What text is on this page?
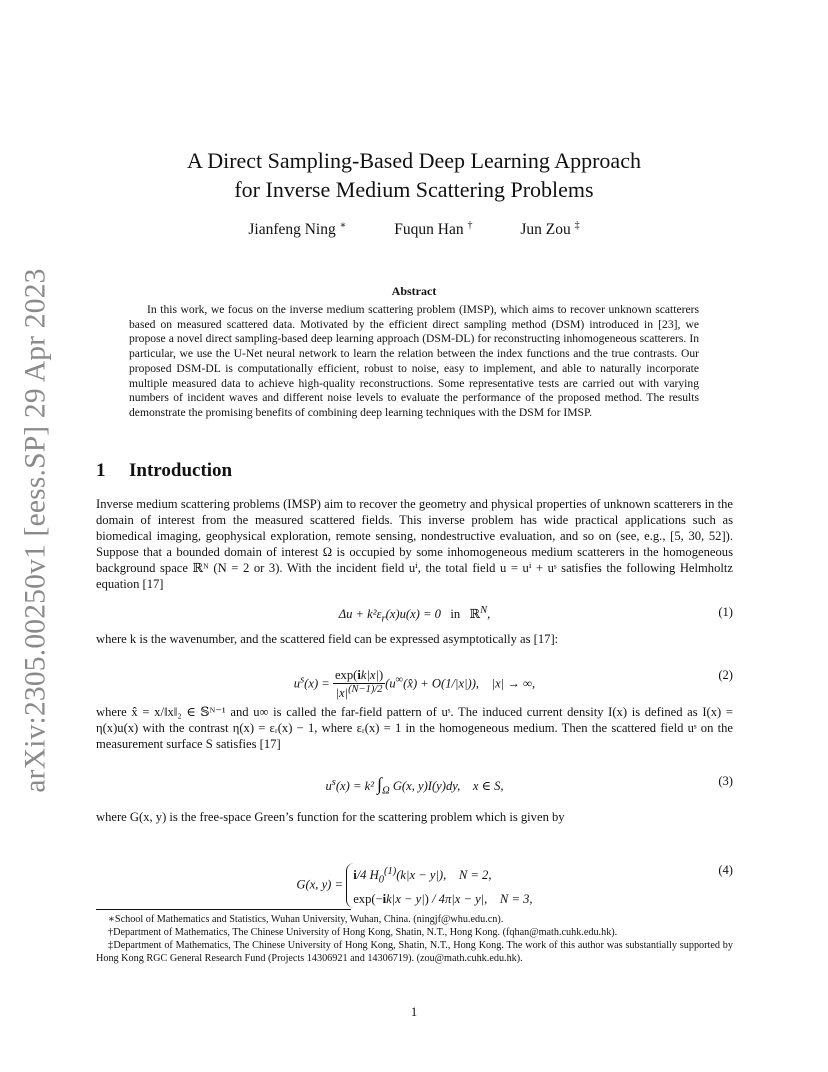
arXiv:2305.00250v1 [eess.SP] 29 Apr 2023
A Direct Sampling-Based Deep Learning Approach
for Inverse Medium Scattering Problems
Jianfeng Ning ∗	Fuqun Han †	Jun Zou ‡
Abstract

In this work, we focus on the inverse medium scattering problem (IMSP), which aims to recover unknown scatterers based on measured scattered data. Motivated by the efficient direct sampling method (DSM) introduced in [23], we propose a novel direct sampling-based deep learning approach (DSM-DL) for reconstructing inhomogeneous scatterers. In particular, we use the U-Net neural network to learn the relation between the index functions and the true contrasts. Our proposed DSM-DL is computationally efficient, robust to noise, easy to implement, and able to naturally incorporate multiple measured data to achieve high-quality reconstructions. Some representative tests are carried out with varying numbers of incident waves and different noise levels to evaluate the performance of the proposed method. The results demonstrate the promising benefits of combining deep learning techniques with the DSM for IMSP.

1 Introduction

Inverse medium scattering problems (IMSP) aim to recover the geometry and physical properties of unknown scatterers in the domain of interest from the measured scattered fields. This inverse problem has wide practical applications such as biomedical imaging, geophysical exploration, remote sensing, nondestructive evaluation, and so on (see, e.g., [5, 30, 52]). Suppose that a bounded domain of interest Ω is occupied by some inhomogeneous medium scatterers in the homogeneous background space ℝᴺ (N = 2 or 3). With the incident field uⁱ, the total field u = uⁱ + uˢ satisfies the following Helmholtz equation [17]

$\Delta u + k^2\varepsilon_r(x)u(x) = 0$   in ℝ$^N$,	(1)

where k is the wavenumber, and the scattered field can be expressed asymptotically as [17]:

$u^s(x) = \frac{\exp(ik|x|)}{|x|^{(N-1)/2}}$ (u∞(x̂) + O(1/|x|)),    |x| → ∞,
(2)

where x̂ = x/‖x‖₂ ∈ 𝕊ᴺ⁻¹ and u∞ is called the far-field pattern of uˢ. The induced current density I(x) is defined as I(x) = η(x)u(x) with the contrast η(x) = εᵣ(x) − 1, where εᵣ(x) = 1 in the homogeneous medium. Then the scattered field uˢ on the measurement surface S satisfies [17]

$u^s(x) = k^2$ $\int_\Omega$ G(x, y)I(y)dy,    x ∈ S,	(3)

where G(x, y) is the free-space Green’s function for the scattering problem which is given by

G(x, y) =
i/4 $H_0^{(1)}(k|x - y|)$,    N = 2,
exp(−ik|x − y|) / 4π|x − y|,    N = 3,
(4)
∗School of Mathematics and Statistics, Wuhan University, Wuhan, China. (ningjf@whu.edu.cn).
†Department of Mathematics, The Chinese University of Hong Kong, Shatin, N.T., Hong Kong. (fqhan@math.cuhk.edu.hk).
‡Department of Mathematics, The Chinese University of Hong Kong, Shatin, N.T., Hong Kong. The work of this author was substantially supported by Hong Kong RGC General Research Fund (Projects 14306921 and 14306719). (zou@math.cuhk.edu.hk).
1
